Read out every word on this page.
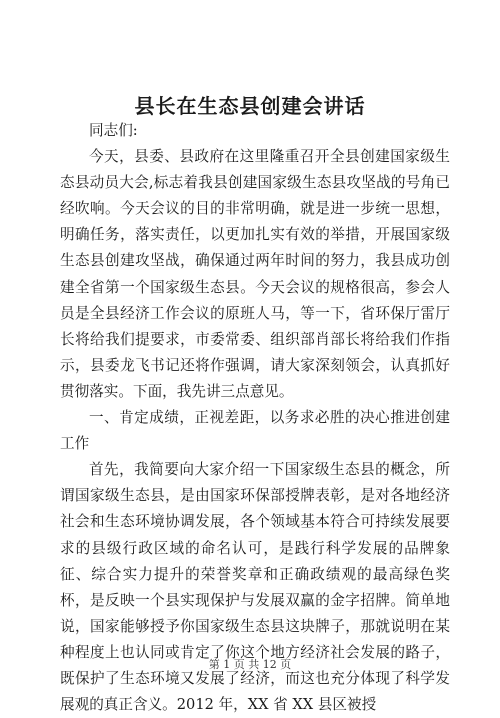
县长在生态县创建会讲话

同志们:

今天，县委、县政府在这里隆重召开全县创建国家级生态县动员大会,标志着我县创建国家级生态县攻坚战的号角已经吹响。今天会议的目的非常明确，就是进一步统一思想，明确任务，落实责任，以更加扎实有效的举措，开展国家级生态县创建攻坚战，确保通过两年时间的努力，我县成功创建全省第一个国家级生态县。今天会议的规格很高，参会人员是全县经济工作会议的原班人马，等一下，省环保厅雷厅长将给我们提要求，市委常委、组织部肖部长将给我们作指示，县委龙飞书记还将作强调，请大家深刻领会，认真抓好贯彻落实。下面，我先讲三点意见。

一、肯定成绩，正视差距，以务求必胜的决心推进创建工作

首先，我简要向大家介绍一下国家级生态县的概念，所谓国家级生态县，是由国家环保部授牌表彰，是对各地经济社会和生态环境协调发展，各个领域基本符合可持续发展要求的县级行政区域的命名认可，是践行科学发展的品牌象征、综合实力提升的荣誉奖章和正确政绩观的最高绿色奖杯，是反映一个县实现保护与发展双赢的金字招牌。简单地说，国家能够授予你国家级生态县这块牌子，那就说明在某种程度上也认同或肯定了你这个地方经济社会发展的路子，既保护了生态环境又发展了经济，而这也充分体现了科学发展观的真正含义。2012 年，XX 省 XX 县区被授

第 1 页 共 12 页
